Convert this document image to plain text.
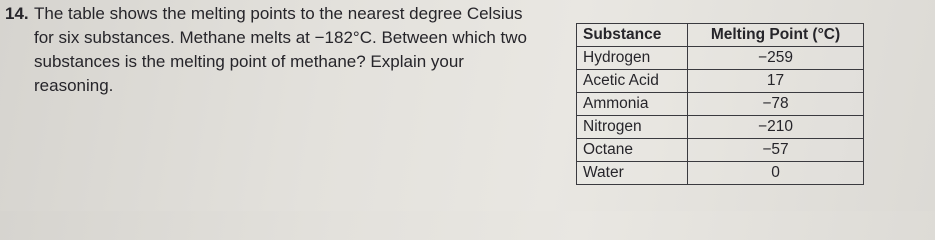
14. The table shows the melting points to the nearest degree Celsius
for six substances. Methane melts at −182°C. Between which two
substances is the melting point of methane? Explain your
reasoning.
Substance	Melting Point (°C)
Hydrogen	−259
Acetic Acid	17
Ammonia	−78
Nitrogen	−210
Octane	−57
Water	0
